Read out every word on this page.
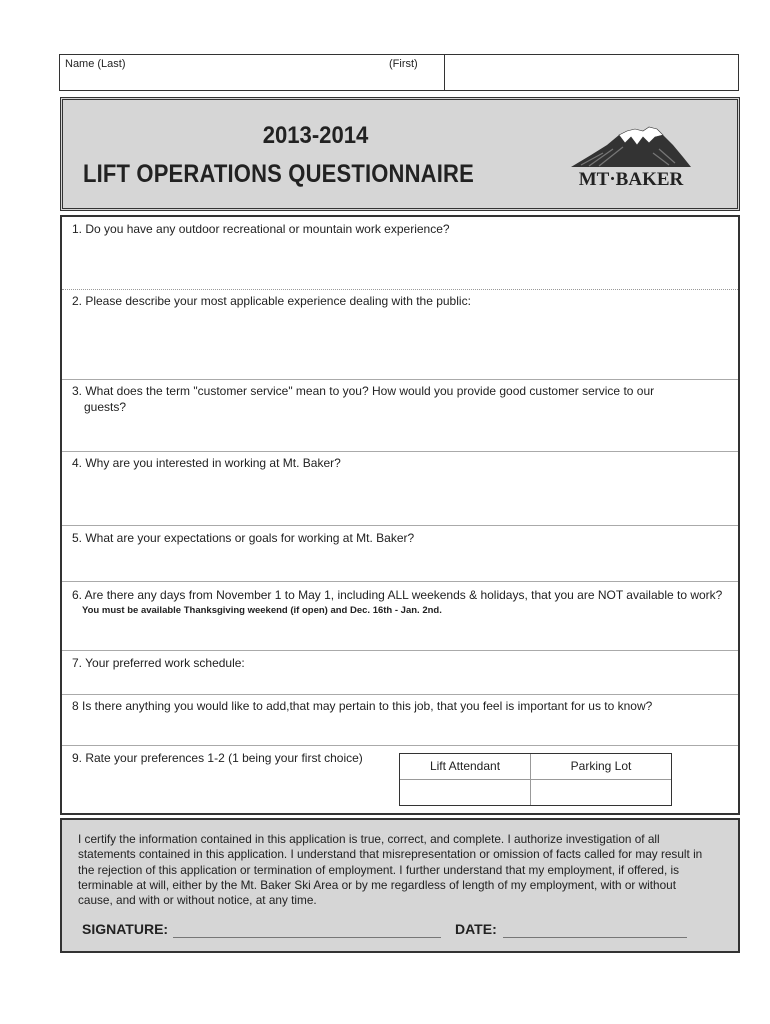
Name (Last)	(First)
2013-2014
LIFT OPERATIONS QUESTIONNAIRE	MT·BAKER
1. Do you have any outdoor recreational or mountain work experience?
2. Please describe your most applicable experience dealing with the public:
3. What does the term "customer service" mean to you? How would you provide good customer service to our
guests?
4. Why are you interested in working at Mt. Baker?
5. What are your expectations or goals for working at Mt. Baker?
6. Are there any days from November 1 to May 1, including ALL weekends & holidays, that you are NOT available to work?
You must be available Thanksgiving weekend (if open) and Dec. 16th - Jan. 2nd.
7. Your preferred work schedule:
8 Is there anything you would like to add,that may pertain to this job, that you feel is important for us to know?
9. Rate your preferences 1-2 (1 being your first choice)
Lift Attendant	Parking Lot
I certify the information contained in this application is true, correct, and complete. I authorize investigation of all
statements contained in this application. I understand that misrepresentation or omission of facts called for may result in
the rejection of this application or termination of employment. I further understand that my employment, if offered, is
terminable at will, either by the Mt. Baker Ski Area or by me regardless of length of my employment, with or without
cause, and with or without notice, at any time.
SIGNATURE:	DATE:
